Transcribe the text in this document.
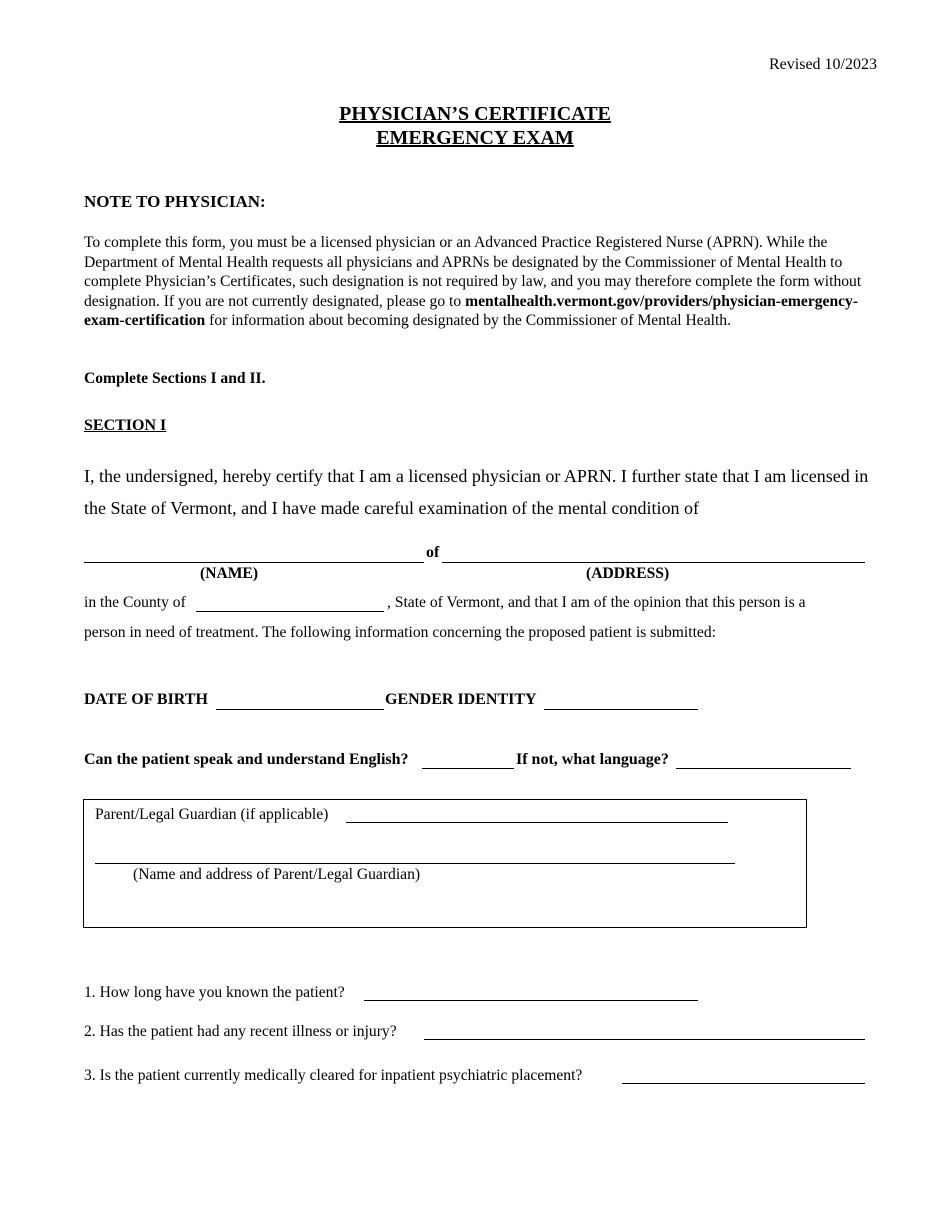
Revised 10/2023
PHYSICIAN’S CERTIFICATE
EMERGENCY EXAM
NOTE TO PHYSICIAN:
To complete this form, you must be a licensed physician or an Advanced Practice Registered Nurse (APRN). While the Department of Mental Health requests all physicians and APRNs be designated by the Commissioner of Mental Health to complete Physician’s Certificates, such designation is not required by law, and you may therefore complete the form without designation. If you are not currently designated, please go to mentalhealth.vermont.gov/providers/physician-emergency-exam-certification for information about becoming designated by the Commissioner of Mental Health.
Complete Sections I and II.
SECTION I
I, the undersigned, hereby certify that I am a licensed physician or APRN. I further state that I am licensed in the State of Vermont, and I have made careful examination of the mental condition of
of
(NAME)	(ADDRESS)
in the County of	, State of Vermont, and that I am of the opinion that this person is a
person in need of treatment. The following information concerning the proposed patient is submitted:
DATE OF BIRTH	GENDER IDENTITY
Can the patient speak and understand English?	If not, what language?
Parent/Legal Guardian (if applicable)
(Name and address of Parent/Legal Guardian)
1. How long have you known the patient?
2. Has the patient had any recent illness or injury?
3. Is the patient currently medically cleared for inpatient psychiatric placement?
